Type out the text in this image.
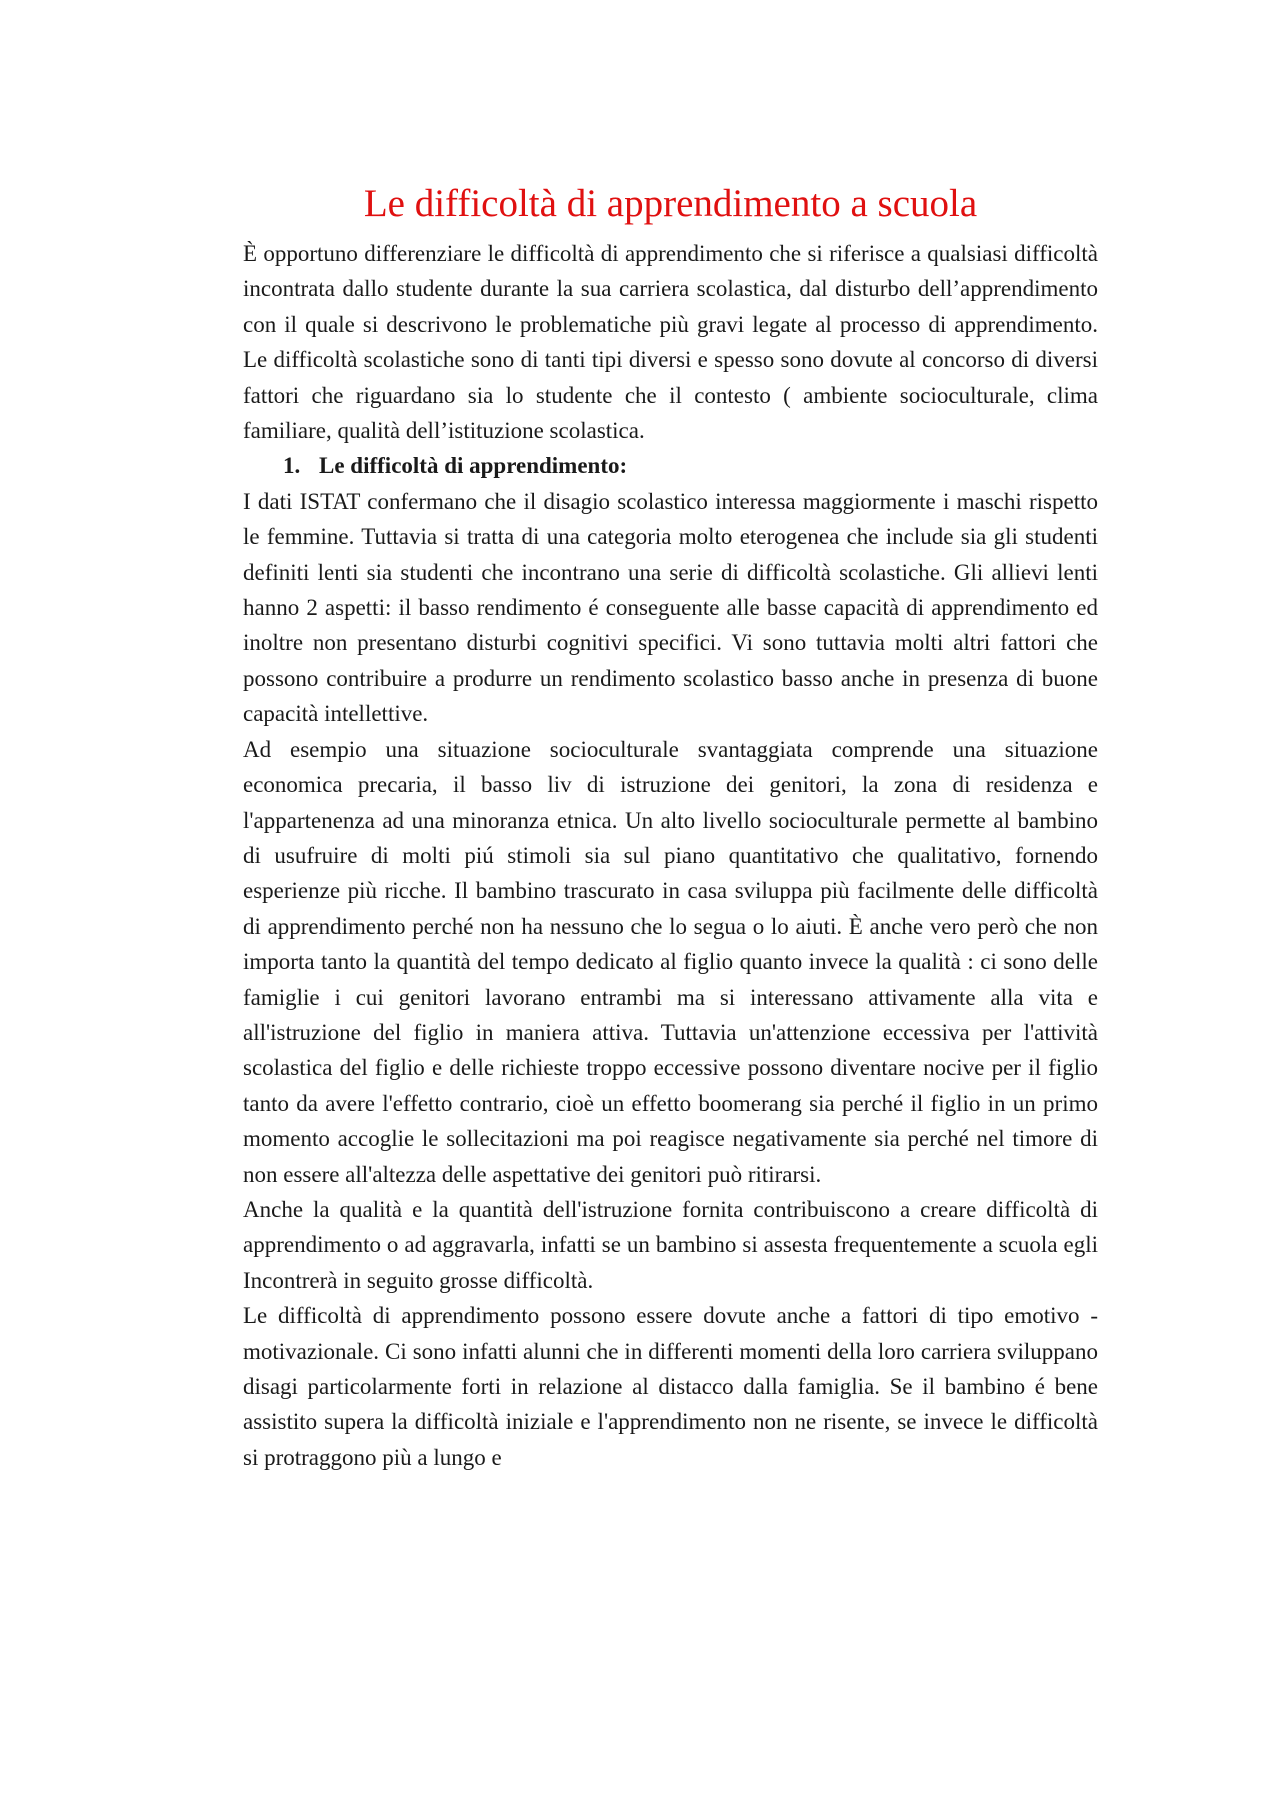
Le difficoltà di apprendimento a scuola

È opportuno differenziare le difficoltà di apprendimento che si riferisce a qualsiasi difficoltà incontrata dallo studente durante la sua carriera scolastica, dal disturbo dell’apprendimento con il quale si descrivono le problematiche più gravi legate al processo di apprendimento. Le difficoltà scolastiche sono di tanti tipi diversi e spesso sono dovute al concorso di diversi fattori che riguardano sia lo studente che il contesto ( ambiente socioculturale, clima familiare, qualità dell’istituzione scolastica.

1. Le difficoltà di apprendimento:

I dati ISTAT confermano che il disagio scolastico interessa maggiormente i maschi rispetto le femmine. Tuttavia si tratta di una categoria molto eterogenea che include sia gli studenti definiti lenti sia studenti che incontrano una serie di difficoltà scolastiche. Gli allievi lenti hanno 2 aspetti: il basso rendimento é conseguente alle basse capacità di apprendimento ed inoltre non presentano disturbi cognitivi specifici. Vi sono tuttavia molti altri fattori che possono contribuire a produrre un rendimento scolastico basso anche in presenza di buone capacità intellettive.

Ad esempio una situazione socioculturale svantaggiata comprende una situazione economica precaria, il basso liv di istruzione dei genitori, la zona di residenza e l'appartenenza ad una minoranza etnica. Un alto livello socioculturale permette al bambino di usufruire di molti piú stimoli sia sul piano quantitativo che qualitativo, fornendo esperienze più ricche. Il bambino trascurato in casa sviluppa più facilmente delle difficoltà di apprendimento perché non ha nessuno che lo segua o lo aiuti. È anche vero però che non importa tanto la quantità del tempo dedicato al figlio quanto invece la qualità : ci sono delle famiglie i cui genitori lavorano entrambi ma si interessano attivamente alla vita e all'istruzione del figlio in maniera attiva. Tuttavia un'attenzione eccessiva per l'attività scolastica del figlio e delle richieste troppo eccessive possono diventare nocive per il figlio tanto da avere l'effetto contrario, cioè un effetto boomerang sia perché il figlio in un primo momento accoglie le sollecitazioni ma poi reagisce negativamente sia perché nel timore di non essere all'altezza delle aspettative dei genitori può ritirarsi.

Anche la qualità e la quantità dell'istruzione fornita contribuiscono a creare difficoltà di apprendimento o ad aggravarla, infatti se un bambino si assesta frequentemente a scuola egli Incontrerà in seguito grosse difficoltà.

Le difficoltà di apprendimento possono essere dovute anche a fattori di tipo emotivo - motivazionale. Ci sono infatti alunni che in differenti momenti della loro carriera sviluppano disagi particolarmente forti in relazione al distacco dalla famiglia. Se il bambino é bene assistito supera la difficoltà iniziale e l'apprendimento non ne risente, se invece le difficoltà si protraggono più a lungo e
